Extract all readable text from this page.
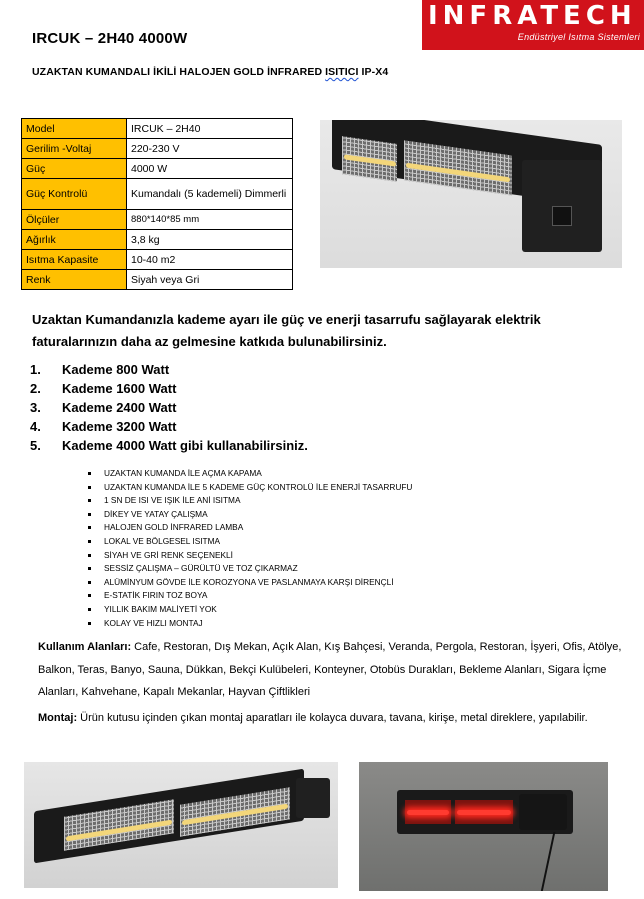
IRCUK – 2H40 4000W
INFRATECH
Endüstriyel Isıtma Sistemleri
UZAKTAN KUMANDALI İKİLİ HALOJEN GOLD İNFRARED ISITICI IP-X4
Model	IRCUK – 2H40
Gerilim -Voltaj	220-230 V
Güç	4000 W
Güç Kontrolü	Kumandalı (5 kademeli) Dimmerli
Ölçüler	880*140*85 mm
Ağırlık	3,8 kg
Isıtma Kapasite	10-40 m2
Renk	Siyah veya Gri
Uzaktan Kumandanızla kademe ayarı ile güç ve enerji tasarrufu sağlayarak elektrik faturalarınızın daha az gelmesine katkıda bulunabilirsiniz.
1. Kademe 800 Watt
2. Kademe 1600 Watt
3. Kademe 2400 Watt
4. Kademe 3200 Watt
5. Kademe 4000 Watt gibi kullanabilirsiniz.
UZAKTAN KUMANDA İLE AÇMA KAPAMA
UZAKTAN KUMANDA İLE 5 KADEME GÜÇ KONTROLÜ İLE ENERJİ TASARRUFU
1 SN DE ISI VE IŞIK İLE ANİ ISITMA
DİKEY VE YATAY ÇALIŞMA
HALOJEN GOLD İNFRARED LAMBA
LOKAL VE BÖLGESEL ISITMA
SİYAH VE GRİ RENK SEÇENEKLİ
SESSİZ ÇALIŞMA – GÜRÜLTÜ VE TOZ ÇIKARMAZ
ALÜMİNYUM GÖVDE İLE KOROZYONA VE PASLANMAYA KARŞI DİRENÇLİ
E-STATİK FIRIN TOZ BOYA
YILLIK BAKIM MALİYETİ YOK
KOLAY VE HIZLI MONTAJ
Kullanım Alanları: Cafe, Restoran, Dış Mekan, Açık Alan, Kış Bahçesi, Veranda, Pergola, Restoran, İşyeri, Ofis, Atölye, Balkon, Teras, Banyo, Sauna, Dükkan, Bekçi Kulübeleri, Konteyner, Otobüs Durakları, Bekleme Alanları, Sigara İçme Alanları, Kahvehane, Kapalı Mekanlar, Hayvan Çiftlikleri
Montaj: Ürün kutusu içinden çıkan montaj aparatları ile kolayca duvara, tavana, kirişe, metal direklere, yapılabilir.
